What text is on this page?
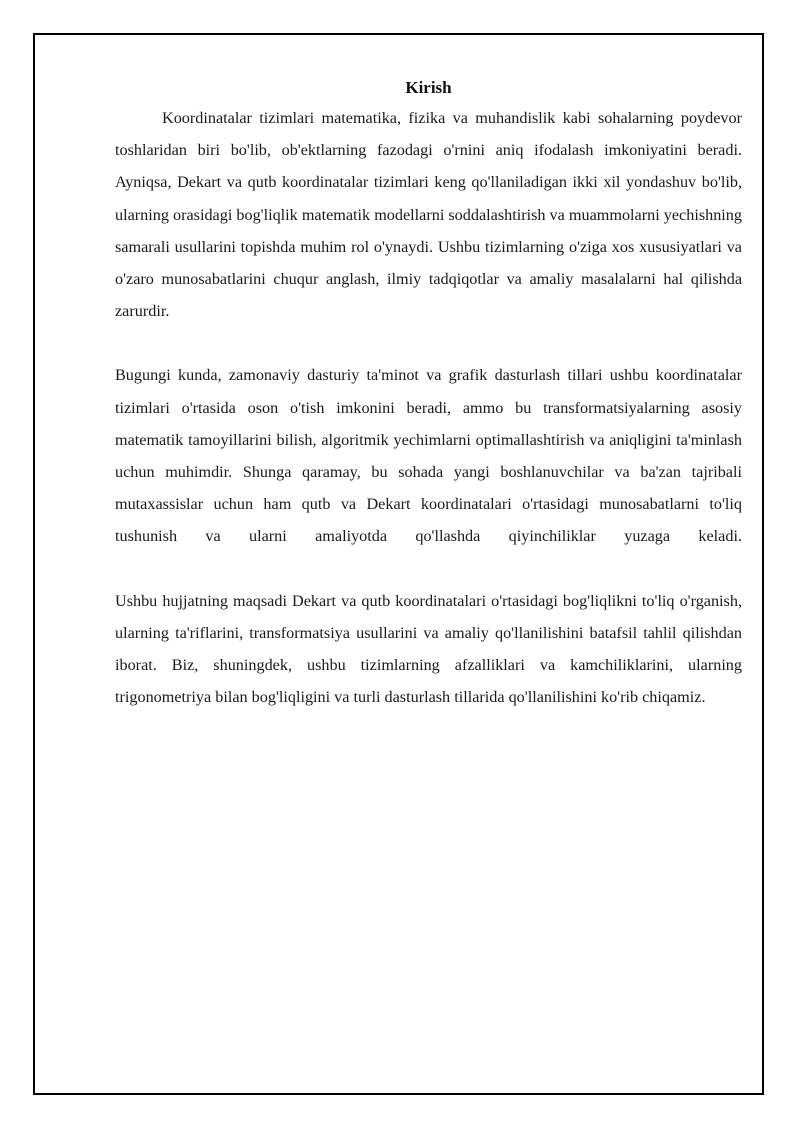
Kirish

Koordinatalar tizimlari matematika, fizika va muhandislik kabi sohalarning poydevor toshlaridan biri bo'lib, ob'ektlarning fazodagi o'rnini aniq ifodalash imkoniyatini beradi. Ayniqsa, Dekart va qutb koordinatalar tizimlari keng qo'llaniladigan ikki xil yondashuv bo'lib, ularning orasidagi bog'liqlik matematik modellarni soddalashtirish va muammolarni yechishning samarali usullarini topishda muhim rol o'ynaydi. Ushbu tizimlarning o'ziga xos xususiyatlari va o'zaro munosabatlarini chuqur anglash, ilmiy tadqiqotlar va amaliy masalalarni hal qilishda zarurdir.

Bugungi kunda, zamonaviy dasturiy ta'minot va grafik dasturlash tillari ushbu koordinatalar tizimlari o'rtasida oson o'tish imkonini beradi, ammo bu transformatsiyalarning asosiy matematik tamoyillarini bilish, algoritmik yechimlarni optimallashtirish va aniqligini ta'minlash uchun muhimdir. Shunga qaramay, bu sohada yangi boshlanuvchilar va ba'zan tajribali mutaxassislar uchun ham qutb va Dekart koordinatalari o'rtasidagi munosabatlarni to'liq tushunish va ularni amaliyotda qo'llashda qiyinchiliklar yuzaga keladi.

Ushbu hujjatning maqsadi Dekart va qutb koordinatalari o'rtasidagi bog'liqlikni to'liq o'rganish, ularning ta'riflarini, transformatsiya usullarini va amaliy qo'llanilishini batafsil tahlil qilishdan iborat. Biz, shuningdek, ushbu tizimlarning afzalliklari va kamchiliklarini, ularning trigonometriya bilan bog'liqligini va turli dasturlash tillarida qo'llanilishini ko'rib chiqamiz.
